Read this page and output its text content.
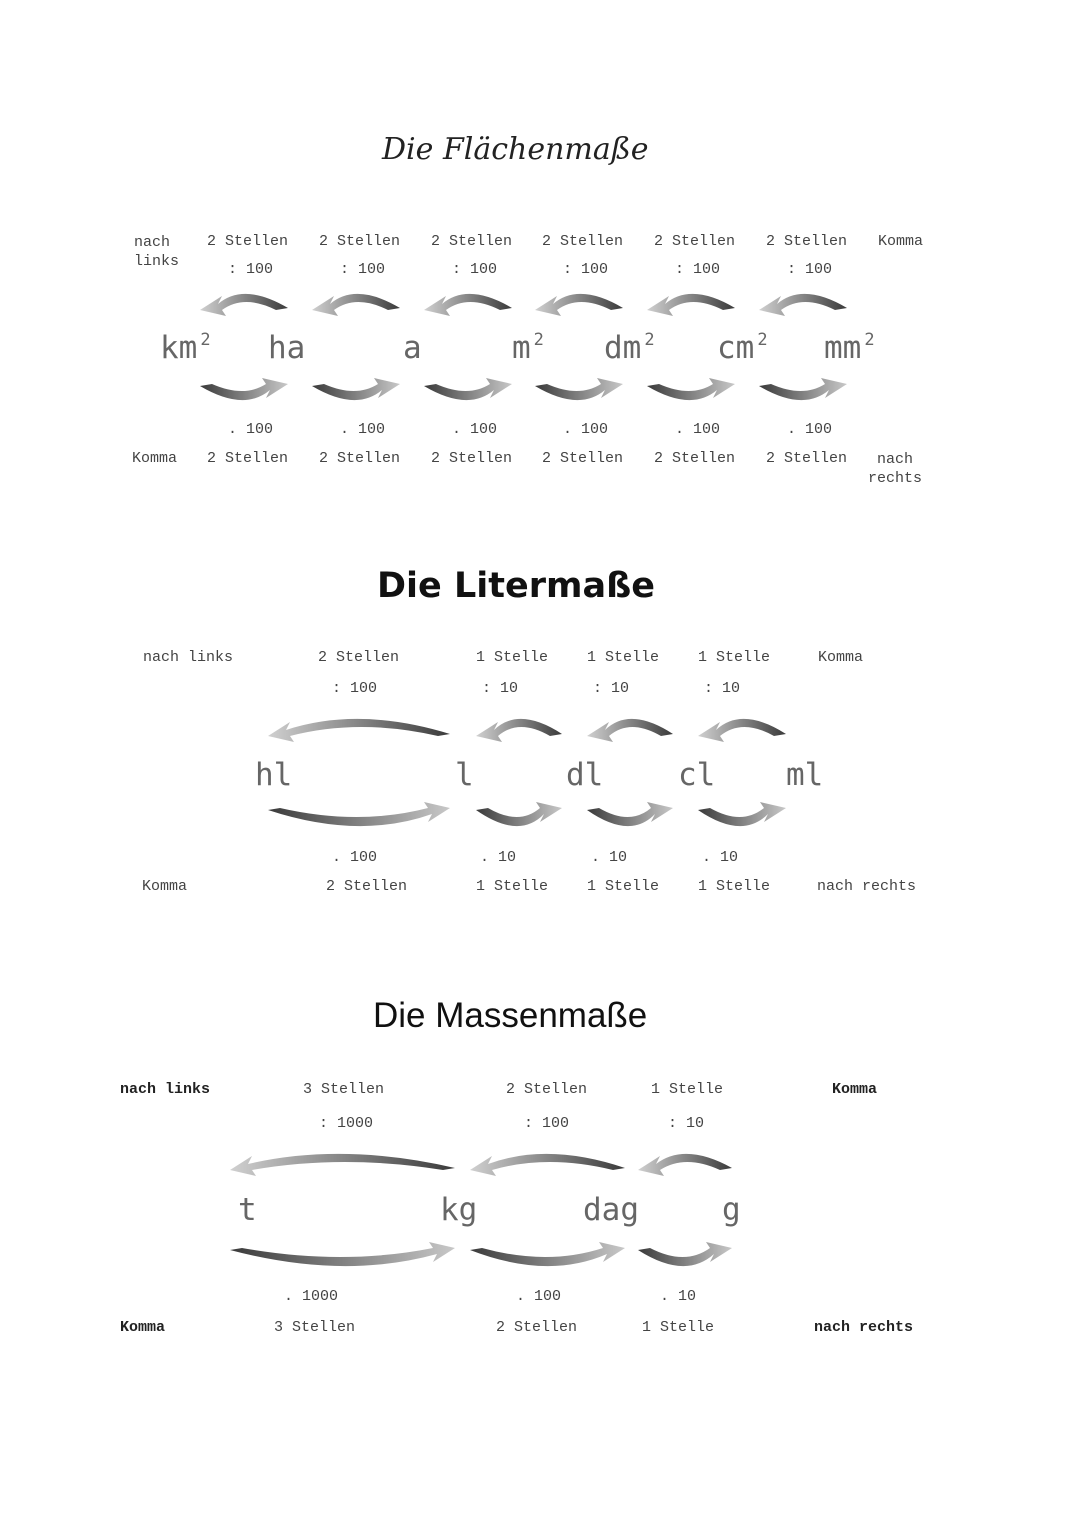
Die Flächenmaße
nach
links
Komma
2 Stellen 2 Stellen 2 Stellen 2 Stellen 2 Stellen 2 Stellen
: 100	: 100	: 100	: 100	: 100	: 100
km $^2$ ha	a	m $^2$ dm $^2$ cm $^2$ mm $^2$
. 100	. 100	. 100	. 100	. 100	. 100
Komma 2 Stellen 2 Stellen 2 Stellen 2 Stellen 2 Stellen 2 Stellen	nach
rechts
Die Litermaße
nach links	Komma
2 Stellen	1 Stelle	1 Stelle	1 Stelle
: 100	: 10	: 10	: 10
hl	l	dl cl ml
. 100	. 10	. 10	. 10
Komma	2 Stellen	1 Stelle	1 Stelle	1 Stelle	nach rechts
Die Massenmaße
nach links	Komma
3 Stellen	2 Stellen	1 Stelle
: 1000	: 100	: 10
t	kg	dag	g
. 1000	. 100	. 10
Komma	3 Stellen	2 Stellen	1 Stelle	nach rechts
